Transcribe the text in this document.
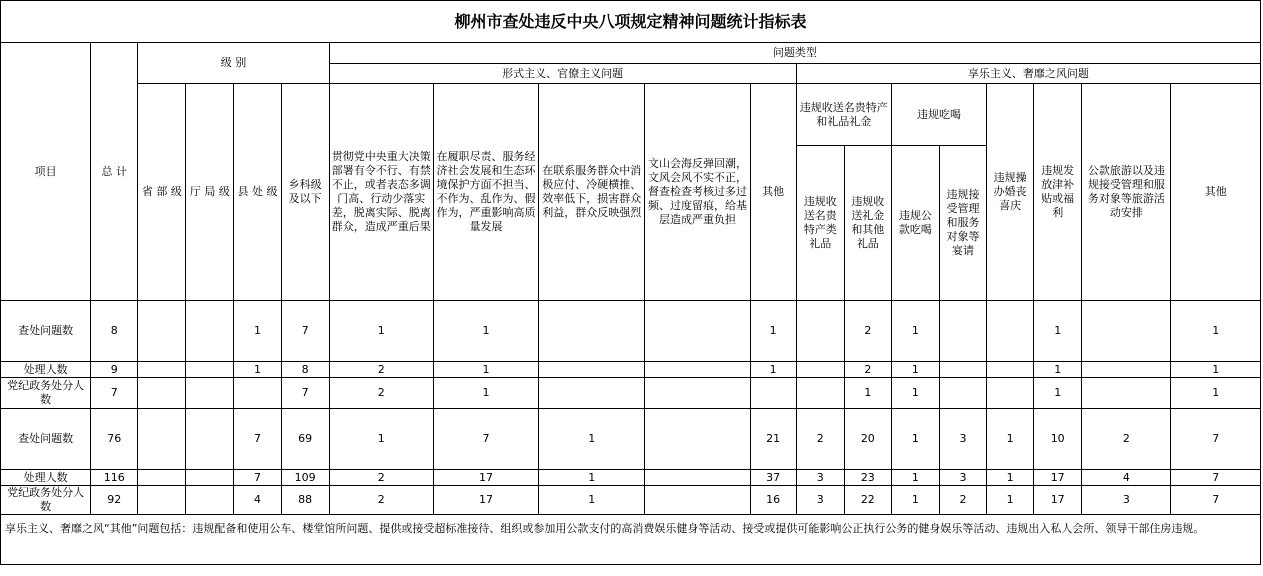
柳州市查处违反中央八项规定精神问题统计指标表																		
项目	总 计	级 别				问题类型												
						形式主义、官僚主义问题					享乐主义、奢靡之风问题							
		省 部 级	厅 局 级	县 处 级	乡科级及以下	贯彻党中央重大决策部署有令不行、有禁不止，或者表态多调门高、行动少落实差，脱离实际、脱离群众，造成严重后果	在履职尽责、服务经济社会发展和生态环境保护方面不担当、不作为、乱作为、假作为，严重影响高质量发展	在联系服务群众中消极应付、冷硬横推、效率低下，损害群众利益，群众反映强烈	文山会海反弹回潮，文风会风不实不正，督查检查考核过多过频、过度留痕，给基层造成严重负担	其他	违规收送名贵特产和礼品礼金		违规吃喝		违规操办婚丧喜庆	违规发放津补贴或福利	公款旅游以及违规接受管理和服务对象等旅游活动安排	其他
											违规收送名贵特产类礼品	违规收送礼金和其他礼品	违规公款吃喝	违规接受管理和服务对象等宴请				

查处问题数	8			1	7	1	1			1		2	1			1		1
处理人数	9			1	8	2	1			1		2	1			1		1
党纪政务处分人数	7				7	2	1					1	1			1		1
查处问题数	76			7	69	1	7	1		21	2	20	1	3	1	10	2	7
处理人数	116			7	109	2	17	1		37	3	23	1	3	1	17	4	7
党纪政务处分人数	92			4	88	2	17	1		16	3	22	1	2	1	17	3	7
享乐主义、奢靡之风“其他”问题包括：违规配备和使用公车、楼堂馆所问题、提供或接受超标准接待、组织或参加用公款支付的高消费娱乐健身等活动、接受或提供可能影响公正执行公务的健身娱乐等活动、违规出入私人会所、领导干部住房违规。																		
